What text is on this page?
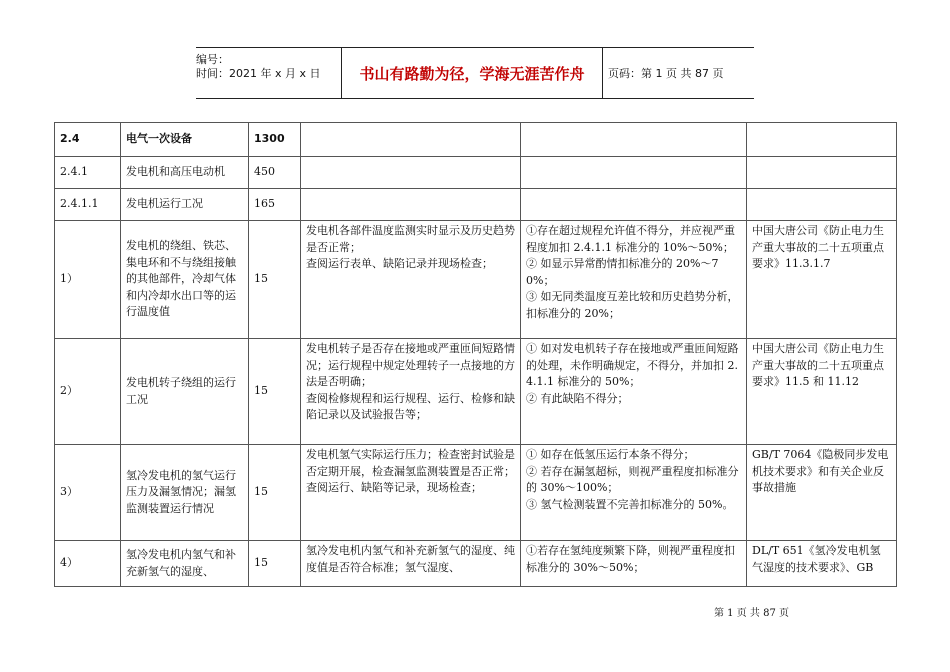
编号：
时间：2021 年 x 月 x 日	书山有路勤为径，学海无涯苦作舟	页码：第 1 页 共 87 页
2.4	电气一次设备	1300			
2.4.1	发电机和高压电动机	450			
2.4.1.1	发电机运行工况	165			
1）	发电机的绕组、铁芯、集电环和不与绕组接触的其他部件，冷却气体和内冷却水出口等的运行温度值	15	发电机各部件温度监测实时显示及历史趋势是否正常；
查阅运行表单、缺陷记录并现场检查；	①存在超过规程允许值不得分，并应视严重程度加扣 2.4.1.1 标准分的 10%～50%；
② 如显示异常酌情扣标准分的 20%～70%；
③ 如无同类温度互差比较和历史趋势分析，扣标准分的 20%；	中国大唐公司《防止电力生产重大事故的二十五项重点要求》11.3.1.7

2）	发电机转子绕组的运行工况	15	发电机转子是否存在接地或严重匝间短路情况；运行规程中规定处理转子一点接地的方法是否明确；
查阅检修规程和运行规程、运行、检修和缺陷记录以及试验报告等；	① 如对发电机转子存在接地或严重匝间短路的处理，未作明确规定，不得分，并加扣 2.4.1.1 标准分的 50%；
② 有此缺陷不得分；	中国大唐公司《防止电力生产重大事故的二十五项重点要求》11.5 和 11.12

3）	氢冷发电机的氢气运行压力及漏氢情况；漏氢监测装置运行情况	15	发电机氢气实际运行压力；检查密封试验是否定期开展，检查漏氢监测装置是否正常；
查阅运行、缺陷等记录，现场检查；	① 如存在低氢压运行本条不得分；
② 若存在漏氢超标，则视严重程度扣标准分的 30%～100%；
③ 氢气检测装置不完善扣标准分的 50%。	GB/T 7064《隐极同步发电机技术要求》和有关企业反事故措施

4）	氢冷发电机内氢气和补充新氢气的湿度、	15	氢冷发电机内氢气和补充新氢气的湿度、纯度值是否符合标准；氢气湿度、	①若存在氢纯度频繁下降，则视严重程度扣标准分的 30%～50%；	DL/T 651《氢冷发电机氢气湿度的技术要求》、GB
第 1 页 共 87 页
